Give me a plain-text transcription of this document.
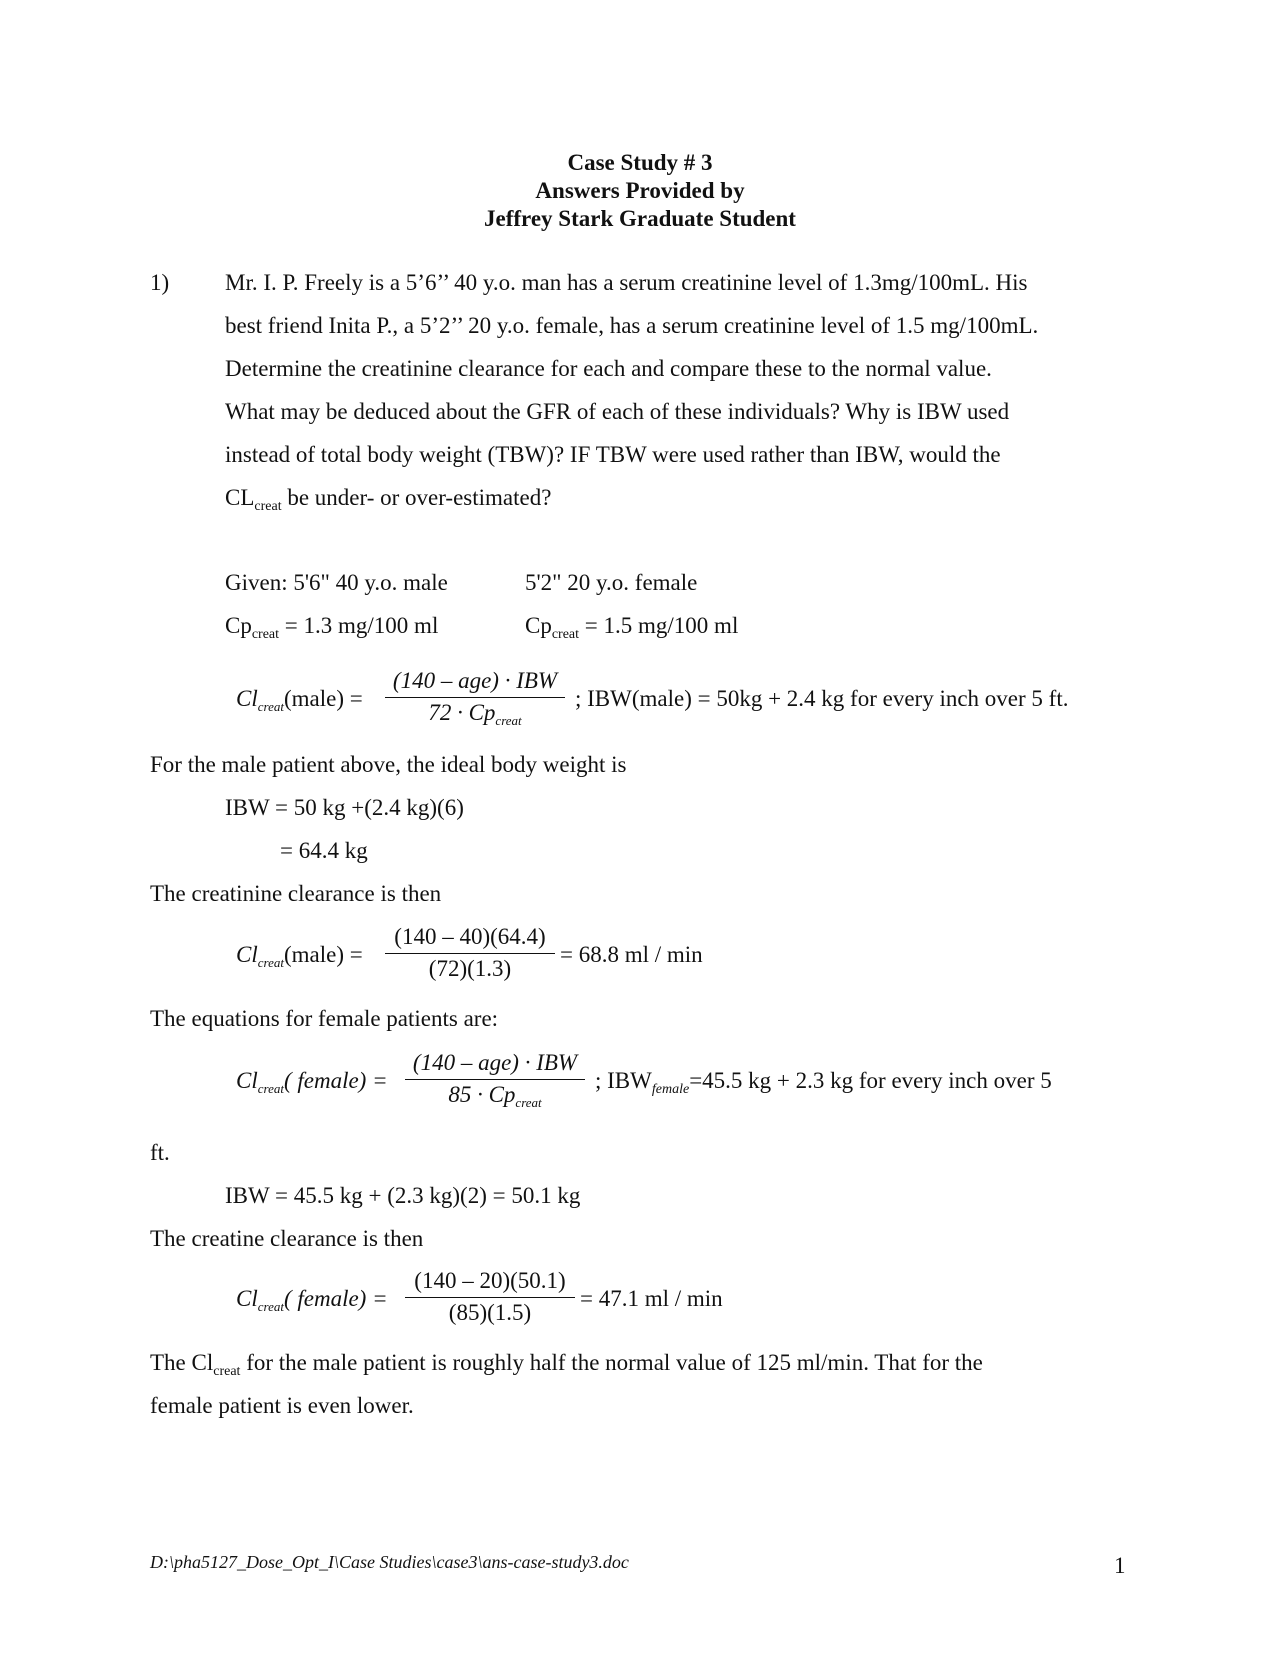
Case Study # 3
Answers Provided by
Jeffrey Stark Graduate Student
1) Mr. I. P. Freely is a 5’6’’ 40 y.o. man has a serum creatinine level of 1.3mg/100mL. His
best friend Inita P., a 5’2’’ 20 y.o. female, has a serum creatinine level of 1.5 mg/100mL.
Determine the creatinine clearance for each and compare these to the normal value.
What may be deduced about the GFR of each of these individuals? Why is IBW used
instead of total body weight (TBW)? IF TBW were used rather than IBW, would the
$CL_{creat}$ be under- or over-estimated?
Given: 5'6" 40 y.o. male	5'2" 20 y.o. female
$Cp_{creat} = 1.3$ mg/100 ml	$Cp_{creat} = 1.5$ mg/100 ml
$Cl_{creat}(male)$ =
(140 – age) · IBW
$72 \cdot Cp_{creat}$
; IBW(male) = 50kg + 2.4 kg for every inch over 5 ft.
For the male patient above, the ideal body weight is
IBW = 50 kg +(2.4 kg)(6)
= 64.4 kg
The creatinine clearance is then
$Cl_{creat}(male)$ =
(140 – 40)(64.4)
(72)(1.3)
= 68.8 ml / min
The equations for female patients are:
$Cl_{creat}$( female) =
(140 – age) · IBW
$85 \cdot Cp_{creat}$
; $IBW_{female}=45.5$ kg + 2.3 kg for every inch over 5
ft.
IBW = 45.5 kg + (2.3 kg)(2) = 50.1 kg
The creatine clearance is then
$Cl_{creat}$( female) =
(140 – 20)(50.1)
(85)(1.5)
= 47.1 ml / min
The $Cl_{creat}$ for the male patient is roughly half the normal value of 125 ml/min. That for the
female patient is even lower.
D:\pha5127_Dose_Opt_I\Case Studies\case3\ans-case-study3.doc	1
